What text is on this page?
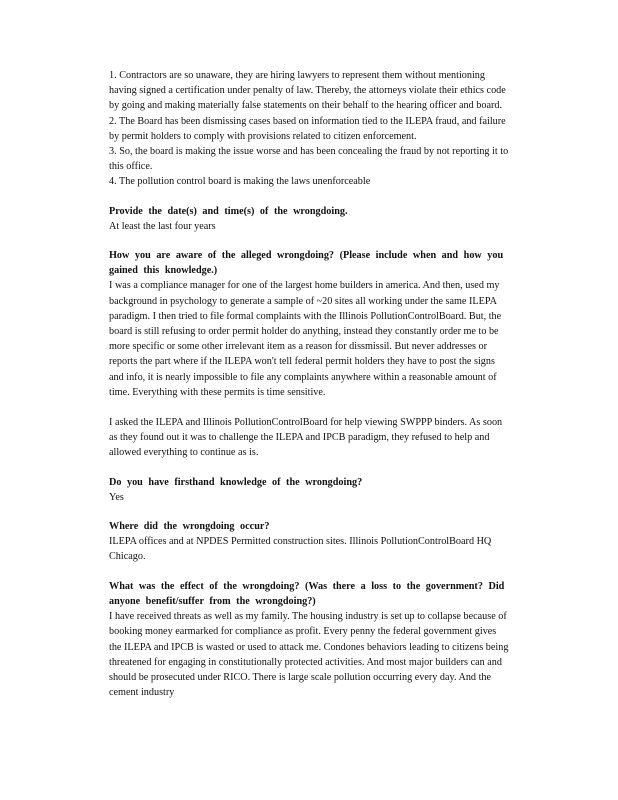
1. Contractors are so unaware, they are hiring lawyers to represent them without mentioning having signed a certification under penalty of law. Thereby, the attorneys violate their ethics code by going and making materially false statements on their behalf to the hearing officer and board.

2. The Board has been dismissing cases based on information tied to the ILEPA fraud, and failure by permit holders to comply with provisions related to citizen enforcement.

3. So, the board is making the issue worse and has been concealing the fraud by not reporting it to this office.

4. The pollution control board is making the laws unenforceable

Provide the date(s) and time(s) of the wrongdoing.

At least the last four years

How you are aware of the alleged wrongdoing? (Please include when and how you gained this knowledge.)

I was a compliance manager for one of the largest home builders in america. And then, used my background in psychology to generate a sample of ~20 sites all working under the same ILEPA paradigm. I then tried to file formal complaints with the Illinois PollutionControlBoard. But, the board is still refusing to order permit holder do anything, instead they constantly order me to be more specific or some other irrelevant item as a reason for dissmissil. But never addresses or reports the part where if the ILEPA won't tell federal permit holders they have to post the signs and info, it is nearly impossible to file any complaints anywhere within a reasonable amount of time. Everything with these permits is time sensitive.

I asked the ILEPA and Illinois PollutionControlBoard for help viewing SWPPP binders. As soon as they found out it was to challenge the ILEPA and IPCB paradigm, they refused to help and allowed everything to continue as is.

Do you have firsthand knowledge of the wrongdoing?

Yes

Where did the wrongdoing occur?

ILEPA offices and at NPDES Permitted construction sites. Illinois PollutionControlBoard HQ Chicago.

What was the effect of the wrongdoing? (Was there a loss to the government? Did anyone benefit/suffer from the wrongdoing?)

I have received threats as well as my family. The housing industry is set up to collapse because of booking money earmarked for compliance as profit. Every penny the federal government gives the ILEPA and IPCB is wasted or used to attack me. Condones behaviors leading to citizens being threatened for engaging in constitutionally protected activities. And most major builders can and should be prosecuted under RICO. There is large scale pollution occurring every day. And the cement industry
